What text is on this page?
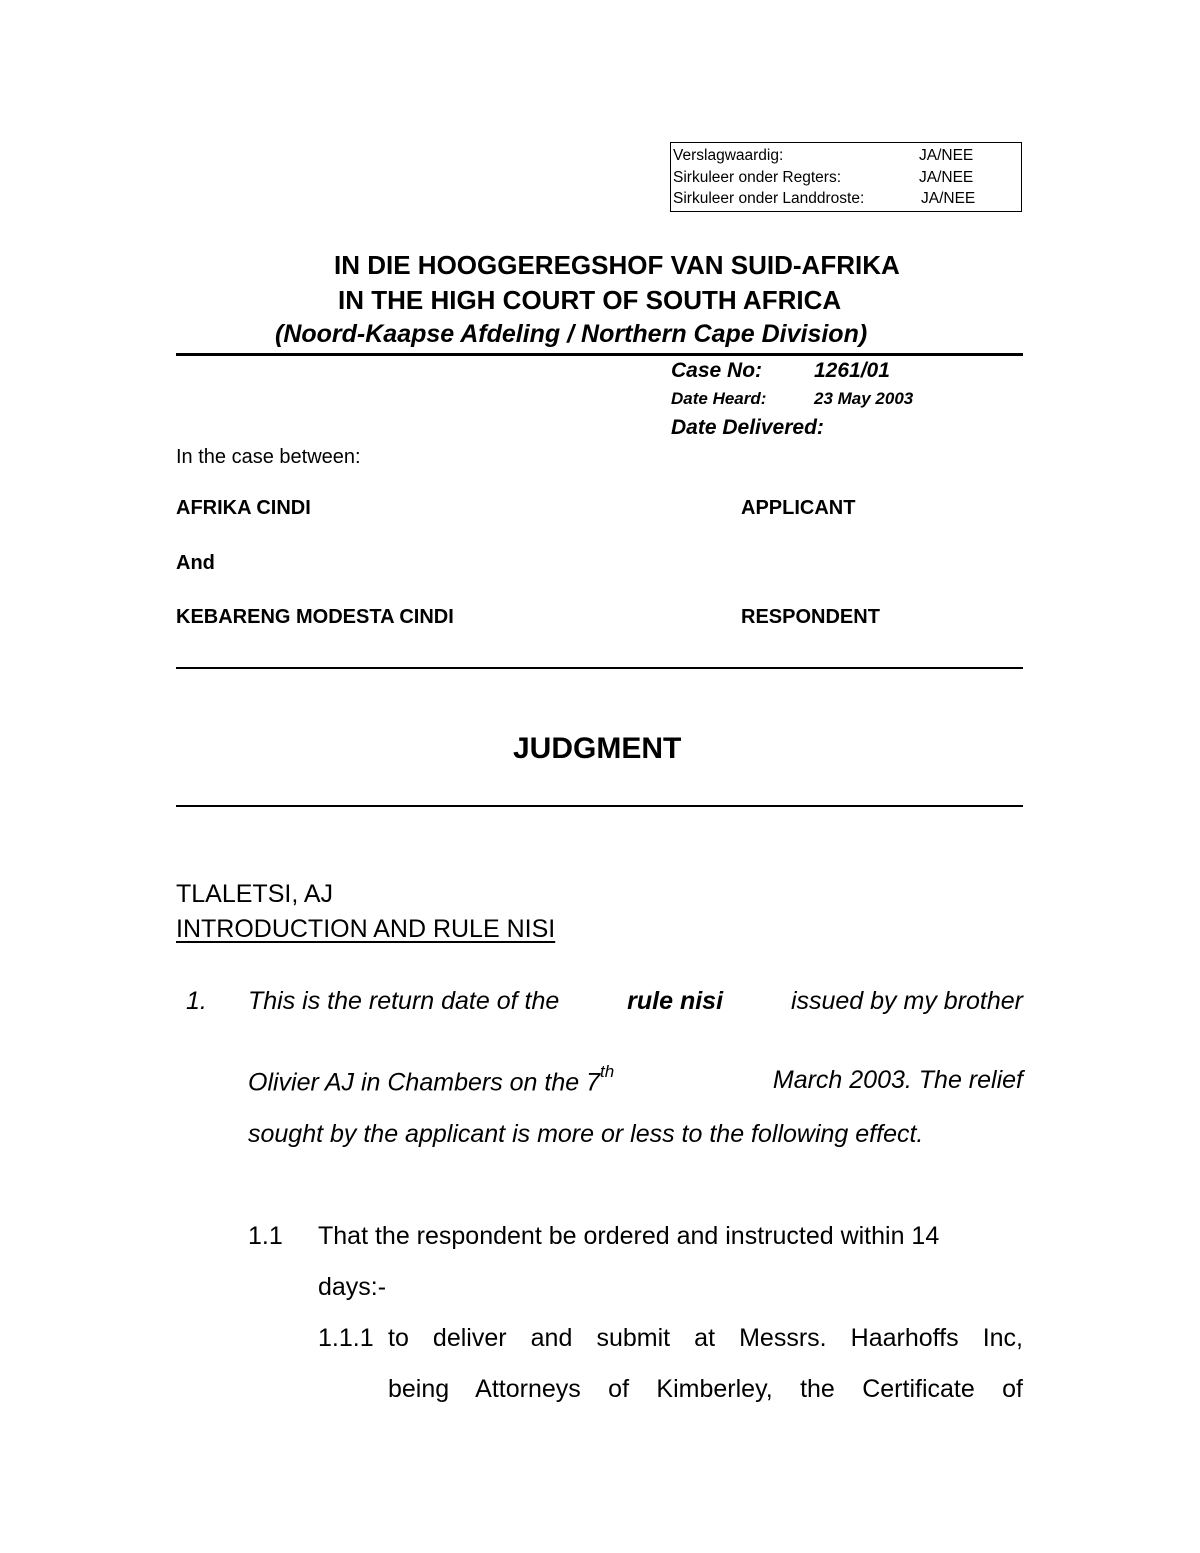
Verslagwaardig:	JA/NEE
Sirkuleer onder Regters:	JA/NEE
Sirkuleer onder Landdroste:	JA/NEE
IN DIE HOOGGEREGSHOF VAN SUID-AFRIKA
IN THE HIGH COURT OF SOUTH AFRICA
(Noord-Kaapse Afdeling / Northern Cape Division)
Case No: 1261/01
Date Heard:	23 May 2003
Date Delivered:
In the case between:
AFRIKA CINDI	APPLICANT
And
KEBARENG MODESTA CINDI	RESPONDENT
JUDGMENT
TLALETSI, AJ
INTRODUCTION AND RULE NISI
1. This is the return date of the	rule nisi	issued by my brother
Olivier AJ in Chambers on the 7th	March 2003. The relief
sought by the applicant is more or less to the following effect.
1.1 That the respondent be ordered and instructed within 14
days:-
1.1.1 to deliver and submit at Messrs. Haarhoffs Inc,
being Attorneys of Kimberley, the Certificate of
